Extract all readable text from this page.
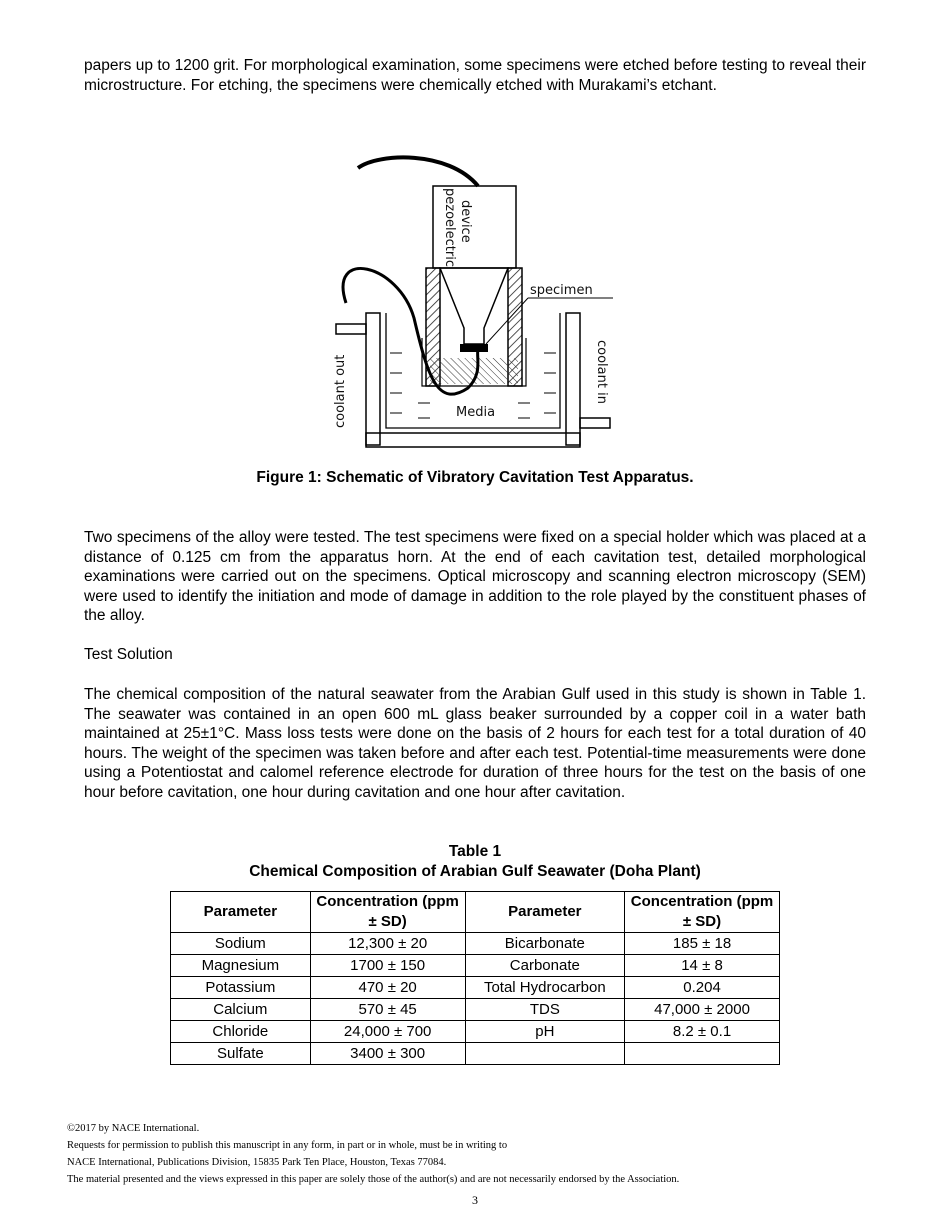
papers up to 1200 grit. For morphological examination, some specimens were etched before testing to reveal their microstructure. For etching, the specimens were chemically etched with Murakami’s etchant.

pezoelectric device
specimen
coolant out	coolant in
Media

Figure 1: Schematic of Vibratory Cavitation Test Apparatus.

Two specimens of the alloy were tested. The test specimens were fixed on a special holder which was placed at a distance of 0.125 cm from the apparatus horn. At the end of each cavitation test, detailed morphological examinations were carried out on the specimens. Optical microscopy and scanning electron microscopy (SEM) were used to identify the initiation and mode of damage in addition to the role played by the constituent phases of the alloy.

Test Solution

The chemical composition of the natural seawater from the Arabian Gulf used in this study is shown in Table 1. The seawater was contained in an open 600 mL glass beaker surrounded by a copper coil in a water bath maintained at 25±1°C. Mass loss tests were done on the basis of 2 hours for each test for a total duration of 40 hours. The weight of the specimen was taken before and after each test. Potential-time measurements were done using a Potentiostat and calomel reference electrode for duration of three hours for the test on the basis of one hour before cavitation, one hour during cavitation and one hour after cavitation.

Table 1

Chemical Composition of Arabian Gulf Seawater (Doha Plant)

Parameter	Concentration (ppm ± SD)	Parameter	Concentration (ppm ± SD)
Sodium	12,300 ± 20	Bicarbonate	185 ± 18
Magnesium	1700 ± 150	Carbonate	14 ± 8
Potassium	470 ± 20	Total Hydrocarbon	0.204
Calcium	570 ± 45	TDS	47,000 ± 2000
Chloride	24,000 ± 700	pH	8.2 ± 0.1
Sulfate	3400 ± 300		

©2017 by NACE International.

Requests for permission to publish this manuscript in any form, in part or in whole, must be in writing to

NACE International, Publications Division, 15835 Park Ten Place, Houston, Texas 77084.

The material presented and the views expressed in this paper are solely those of the author(s) and are not necessarily endorsed by the Association.

3
